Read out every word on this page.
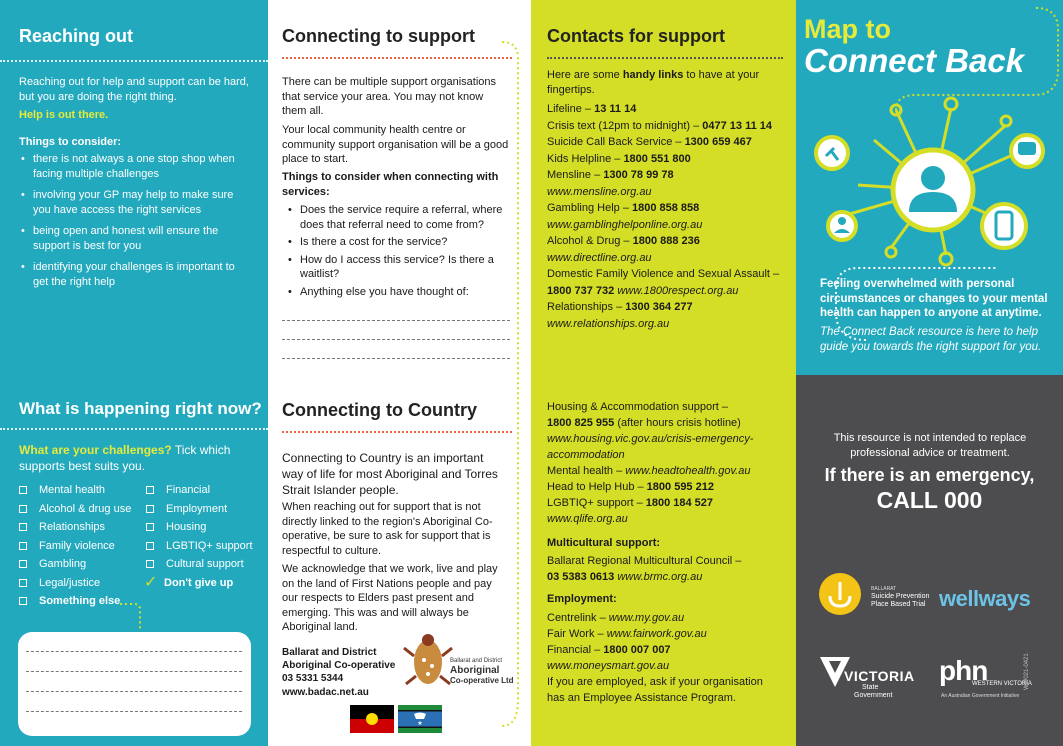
Reaching out
Reaching out for help and support can be hard, but you are doing the right thing.
Help is out there.
Things to consider:
• there is not always a one stop shop when facing multiple challenges
• involving your GP may help to make sure you have access the right services
• being open and honest will ensure the support is best for you
• identifying your challenges is important to get the right help
What is happening right now?
What are your challenges? Tick which supports best suits you.
Mental health
Alcohol & drug use
Relationships
Family violence
Gambling
Legal/justice
Something else
Financial
Employment
Housing
LGBTIQ+ support
Cultural support
✓ Don't give up
Connecting to support
There can be multiple support organisations that service your area. You may not know them all.
Your local community health centre or community support organisation will be a good place to start.
Things to consider when connecting with services:
• Does the service require a referral, where does that referral need to come from?
• Is there a cost for the service?
• How do I access this service? Is there a waitlist?
• Anything else you have thought of:
Connecting to Country
Connecting to Country is an important way of life for most Aboriginal and Torres Strait Islander people.
When reaching out for support that is not directly linked to the region's Aboriginal Co-operative, be sure to ask for support that is respectful to culture.
We acknowledge that we work, live and play on the land of First Nations people and pay our respects to Elders past present and emerging. This was and will always be Aboriginal land.
Ballarat and District Aboriginal Co-operative
03 5331 5344
www.badac.net.au
Ballarat and District
Aboriginal
Co-operative Ltd
★
Contacts for support
Here are some handy links to have at your fingertips.
Lifeline – 13 11 14
Crisis text (12pm to midnight) – 0477 13 11 14
Suicide Call Back Service – 1300 659 467
Kids Helpline – 1800 551 800
Mensline – 1300 78 99 78
www.mensline.org.au
Gambling Help – 1800 858 858
www.gamblinghelponline.org.au
Alcohol & Drug – 1800 888 236
www.directline.org.au
Domestic Family Violence and Sexual Assault –
1800 737 732 www.1800respect.org.au
Relationships – 1300 364 277
www.relationships.org.au
Housing & Accommodation support –
1800 825 955 (after hours crisis hotline)
www.housing.vic.gov.au/crisis-emergency-
accommodation
Mental health – www.headtohealth.gov.au
Head to Help Hub – 1800 595 212
LGBTIQ+ support – 1800 184 527
www.qlife.org.au
Ballarat Regional Multicultural Council –
03 5383 0613 www.brmc.org.au
Centrelink – www.my.gov.au
Fair Work – www.fairwork.gov.au
Financial – 1800 007 007
www.moneysmart.gov.au
If you are employed, ask if your organisation
has an Employee Assistance Program.
Multicultural support:
Employment:
Map to
Connect Back
Feeling overwhelmed with personal circumstances or changes to your mental health can happen to anyone at anytime.
The Connect Back resource is here to help guide you towards the right support for you.
This resource is not intended to replace professional advice or treatment.
If there is an emergency,
CALL 000
BALLARAT
Suicide Prevention
Place Based Trial wellways
VICTORIA
State
Government
phn
WESTERN VICTORIA
An Australian Government Initiative
WW021-0421
